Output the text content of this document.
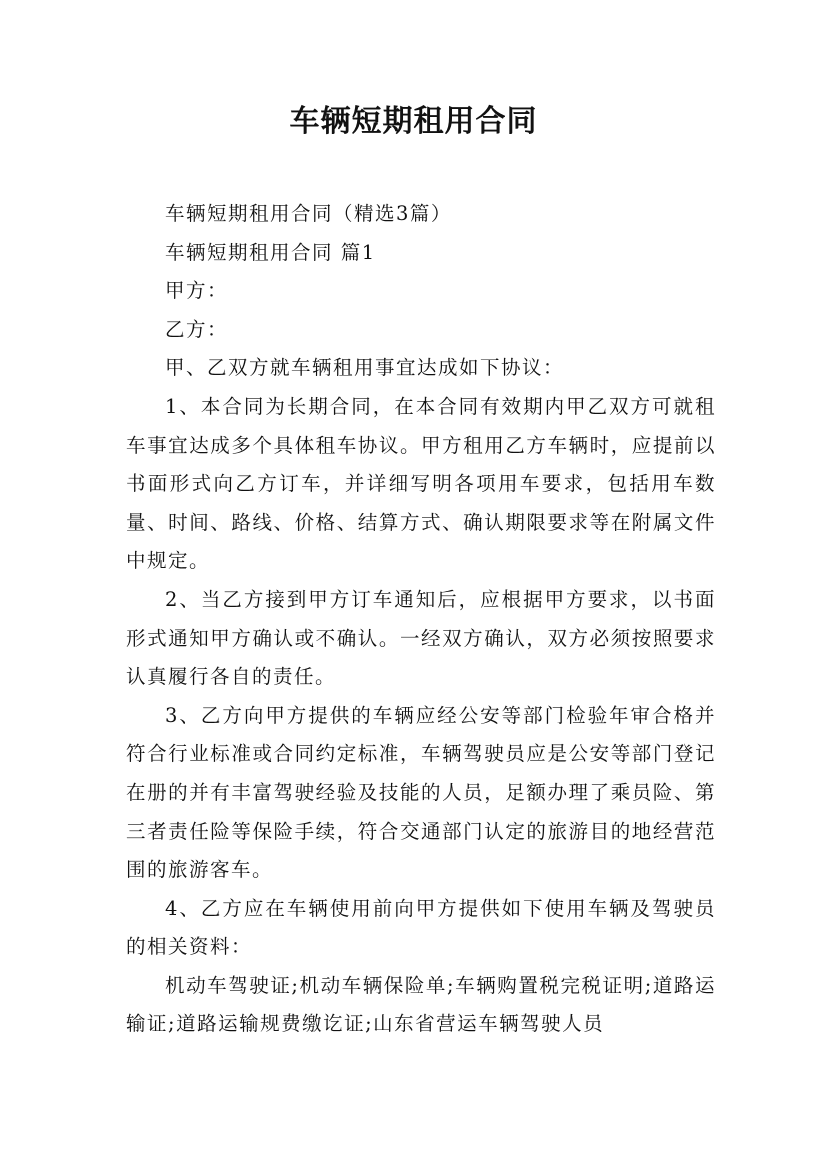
车辆短期租用合同

车辆短期租用合同（精选3篇）

车辆短期租用合同 篇1

甲方：

乙方：

甲、乙双方就车辆租用事宜达成如下协议：

1、本合同为长期合同，在本合同有效期内甲乙双方可就租车事宜达成多个具体租车协议。甲方租用乙方车辆时，应提前以书面形式向乙方订车，并详细写明各项用车要求，包括用车数量、时间、路线、价格、结算方式、确认期限要求等在附属文件中规定。

2、当乙方接到甲方订车通知后，应根据甲方要求，以书面形式通知甲方确认或不确认。一经双方确认，双方必须按照要求认真履行各自的责任。

3、乙方向甲方提供的车辆应经公安等部门检验年审合格并符合行业标准或合同约定标准，车辆驾驶员应是公安等部门登记在册的并有丰富驾驶经验及技能的人员，足额办理了乘员险、第三者责任险等保险手续，符合交通部门认定的旅游目的地经营范围的旅游客车。

4、乙方应在车辆使用前向甲方提供如下使用车辆及驾驶员的相关资料：

机动车驾驶证;机动车辆保险单;车辆购置税完税证明;道路运输证;道路运输规费缴讫证;山东省营运车辆驾驶人员
